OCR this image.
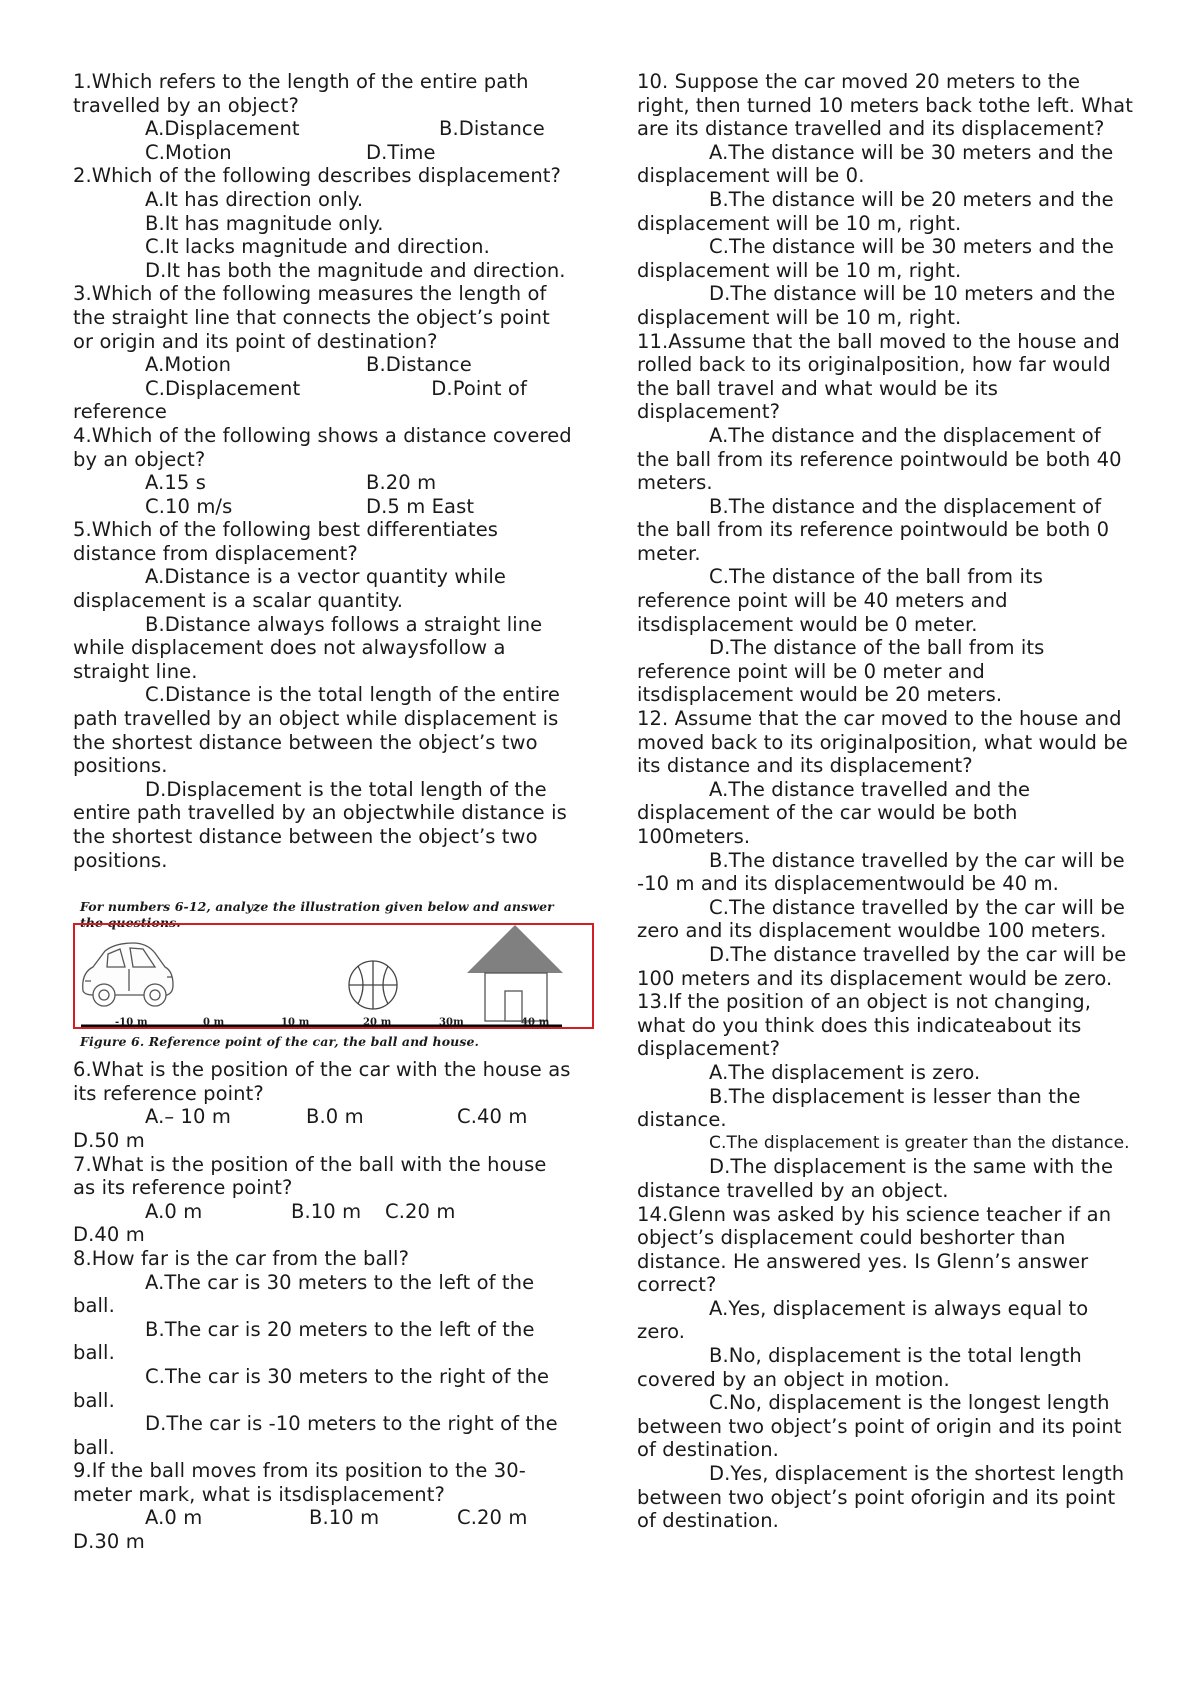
1.Which refers to the length of the entire path travelled by an object?

A.Displacement	B.Distance
C.Motion	D.Time

2.Which of the following describes displacement?

A.It has direction only.

B.It has magnitude only.

C.It lacks magnitude and direction.

D.It has both the magnitude and direction.

3.Which of the following measures the length of the straight line that connects the object’s point or origin and its point of destination?

A.Motion	B.Distance

C.Displacement	D.Point of reference

4.Which of the following shows a distance covered by an object?

A.15 s	B.20 m
C.10 m/s	D.5 m East

5.Which of the following best differentiates distance from displacement?

A.Distance is a vector quantity while displacement is a scalar quantity.

B.Distance always follows a straight line while displacement does not alwaysfollow a straight line.

C.Distance is the total length of the entire path travelled by an object while displacement is the shortest distance between the object’s two positions.

D.Displacement is the total length of the entire path travelled by an objectwhile distance is the shortest distance between the object’s two positions.

For numbers 6-12, analyze the illustration given below and answer the questions.
-10 m	0 m	10 m	20 m	30m	40 m
Figure 6. Reference point of the car, the ball and house.

6.What is the position of the car with the house as its reference point?

A.– 10 m	B.0 m	C.40 m

D.50 m

7.What is the position of the ball with the house as its reference point?

A.0 m	B.10 m C.20 m

D.40 m

8.How far is the car from the ball?

A.The car is 30 meters to the left of the ball.

B.The car is 20 meters to the left of the ball.

C.The car is 30 meters to the right of the ball.

D.The car is -10 meters to the right of the ball.

9.If the ball moves from its position to the 30-meter mark, what is itsdisplacement?

A.0 m	B.10 m	C.20 m

D.30 m

10. Suppose the car moved 20 meters to the right, then turned 10 meters back tothe left. What are its distance travelled and its displacement?

A.The distance will be 30 meters and the displacement will be 0.

B.The distance will be 20 meters and the displacement will be 10 m, right.

C.The distance will be 30 meters and the displacement will be 10 m, right.

D.The distance will be 10 meters and the displacement will be 10 m, right.

11.Assume that the ball moved to the house and rolled back to its originalposition, how far would the ball travel and what would be its displacement?

A.The distance and the displacement of the ball from its reference pointwould be both 40 meters.

B.The distance and the displacement of the ball from its reference pointwould be both 0 meter.

C.The distance of the ball from its reference point will be 40 meters and itsdisplacement would be 0 meter.

D.The distance of the ball from its reference point will be 0 meter and itsdisplacement would be 20 meters.

12. Assume that the car moved to the house and moved back to its originalposition, what would be its distance and its displacement?

A.The distance travelled and the displacement of the car would be both 100meters.

B.The distance travelled by the car will be -10 m and its displacementwould be 40 m.

C.The distance travelled by the car will be zero and its displacement wouldbe 100 meters.

D.The distance travelled by the car will be 100 meters and its displacement would be zero.

13.If the position of an object is not changing, what do you think does this indicateabout its displacement?

A.The displacement is zero.

B.The displacement is lesser than the distance.

C.The displacement is greater than the distance.

D.The displacement is the same with the distance travelled by an object.

14.Glenn was asked by his science teacher if an object’s displacement could beshorter than distance. He answered yes. Is Glenn’s answer correct?

A.Yes, displacement is always equal to zero.

B.No, displacement is the total length covered by an object in motion.

C.No, displacement is the longest length between two object’s point of origin and its point of destination.

D.Yes, displacement is the shortest length between two object’s point oforigin and its point of destination.
